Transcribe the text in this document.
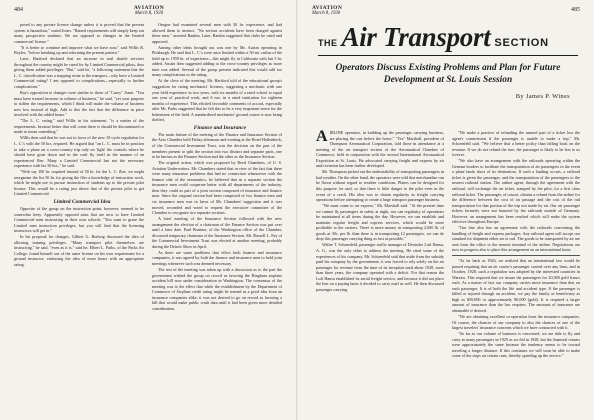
484	AVIATION
March 8, 1930

posed to any private license change unless it is proved that the present system is hazardous," stated Jones. "Raised requirements will simply keep out many prospective students. We are opposed to changes in the limited commercial license."

"It is better to continue and improve what we have now," said Willis R. Boyles, "before breaking up and reforming the present pattern."

Later, Hartford declared that an increase in trail shuttle services throughout the country might be cared for by Limited Commercial pilots, thus giving them added privileges. "But," said he, "a following statement that the L. C. classification was a stepping stone to the transport—why have a Limited Commercial rating? I am opposed to complications—especially to further complications."

Ray's opposition to changes were similar to those of "Casey" Jones. "You must have treated increase in volume of business," he said, "yet your purpose to stiffen the requirements, which I think will make the volume of business now low instead of high. Add to this the fact that the difference in price involved with the added hours."

"The L. C. rating," said Willis in his statement, "is a matter of the requirements, because better that will come there is should be discontinued or made to mean something."

Willis then said that he was not in favor of the new 10-cycle regulation for L. C.'s with the 50 hrs. required. He argued that "an L. C. must be in position to take a plane on a cross-country trip only on 'fight' the controls where he should have gone down and in the craft fly itself in the manner of an experienced flier. Many a Limited Commercial has not the necessary experience with his 50 hrs.," he said.

"With say 100 hr. required instead of 50 hr. for the L. C. flier, we might reorganize the list 50 hr. for giving the flier a knowledge of instruction work, which he might use to pursue instruction of students up to the private pilot license. This would be a rating just above that of the private pilot to get Limited Commercial.

Limited Commercial Idea

Opposite of the group on the instruction point, however, seemed to be somewhat leery. Apparently opposed aims that are now to have Limited Commercial men instructing in their own schools. "You want to graze the Limited men instruction privileges, but you will find that the licensing instructors will get in."

In his proposal for changes, Gilbert G. Budwig discussed the idea of allowing training privileges. "Many transport pilot themselves are instructing," he said, "even as it is," said he. Elbert L. Parks, of the Parks Air College, found himself out of the same license on his own requirement for a ground instructor, endorsing the idea of more hours with an appropriate rating.

Oregon had examined several men with 50 hr. experience, and had allowed them to instruct. "No serious accidents have been charged against these men," asserted Rankin. Later, Rankin suggested that clubs be rated and approved.

Among other ideas brought out was one by Mr. Austin operating in Pittsburgh. He said that L. C.'s were once limited within a 50 mi. radius of the field up to 1959 hr. of experience—this might fly in California with but 5 hr. added. Austin then suggested adding to the cross-country privileges as more time was added. Several of the group present indicated this would add too many complications to the rating.

At the close of the meeting, Mr. Hartford told of the educational group's suggestion for rating mechanics' licenses, suggesting a mechanic with one year field experience in two years, with six months of a rated school to equal one year of practical work, and 6 mo. in a rated institution for eighteen months of experience. This elicited favorable comments of accord, especially after Mr. Parks suggested that he felt this to be a very important move for the betterment of the field. A standardized mechanics' ground course is now being drafted.

Finance and Insurance

The main feature of the meeting of the Finance and Insurance Section of the Aero Chamber held Friday afternoon and evening at the Hotel Hollenbeck, of the Commercial Investment Trust, was the decision on the part of the members present to split the section into two distinct and separate parts, one to be known as the Finance Section and the other as the Insurance Section.

The original action, which was proposed by Reed Chambers, of U. S. Aviation Underwriters. Mr. Chambers stated that in view of the fact that there were many insurance problems that had no connection whatsoever with the finance side of the aeronautics, he believed that as a separate section the insurance men could cooperate better with all departments of the industry, then they could as part of a joint section composed of insurance and finance men. Since the original section had been composed of two finance men and six insurance men was in favor of Mr. Chambers' suggestion and it was moved, seconded and voted to request the executive committee of the Chamber to recognize two separate sections.

A brief meeting of the Insurance Section followed with the new arrangement the election of a chairman of the Finance Section was put over until a later date. Paul Brattner, of the Washington office of the Chamber, discussed temporary chairman of the Insurance Section. Mr. Russell L. Fay of the Commercial Investment Trust was elected at another meeting, probably during the Detroit Show in April.

As there are some problems that effect both finance and insurance companies, it was agreed by both the finance and insurance men to hold joint meetings whenever such was deemed necessary.

The rest of the meeting was taken up with a discussion as to the part the government wished the group on record as favoring the Bingham airplane accident bill now under consideration in Washington. The consensus of the meeting was to the effect that while the establishment by the Department of Commerce of Airplane credit rating might be termed as a good idea from an insurance companies alike, it was not desired to go on record as favoring a bill that would make public crash data until it had been given more detailed consideration.

AVIATION
March 8, 1930
485
THE Air Transport SECTION
Operators Discuss Existing Problems and Plan for Future Development at St. Louis Session
By James P. Wines

AIRLINE operators, in building up the passenger carrying business, are placing the cart before the horse," "Tex" Marshall, president of Thompson Aeronautical Corporation, told those in attendance at a meeting of the air transport section of the Aeronautical Chamber of Commerce, held in conjunction with the second International Aeronautical Exposition at St. Louis. He advocated carrying freight and express by air until aviation has been further developed.

Mr. Thompson picked out the undesirability of transporting passengers in bad weather. On the other hand, the operators were told that merchandise can be flown without regard to weather conditions. Planes can be designed for this purpose, he said, so that there is little danger to the pilot even in the event of a crash. His idea was to obtain regularity in freight carrying operations before attempting to create a large transport passenger business.

"We must come to air express," Mr. Marshall said. "At the present time we cannot fly passengers in safety at night, nor can regularity of operations be maintained at all times during the day. However, we can establish and maintain regular freight and express services, which would be more profitable to the carriers. There is more money in transporting 2,000 lb. of goods at 30c. per lb. than there is in transporting 12 passengers, we can do drop this passenger carrying thing as fast as possible."

Walter T. Schoenfeld, passenger traffic manager of Deutsche Luft Hansa, A. G., was the only other to address the meeting. He cited some of the experiences of his company. Mr. Schoenfeld said that aside from the subsidy paid his company by the government, it was forced to rely solely on the air passenger for revenue from the time of its inception until about 1928, more than three years, the company operated with a deficit. For that reason the Luft Hansa established its aerial freight service, and because it did not place the line on a paying basis it decided to carry mail as well. He then discussed passenger carrying.

"We make a practice of refunding the unused part of a ticket less the agent's commission if the passenger is unable to make a trip," Mr. Schoenfeld said. "We believe that a better policy than falling back on the revenue. If we do not refund the fare, the passenger is likely to be lost to us forever.

"We also have an arrangement with the railroads operating within the German borders to facilitate the transportation of air passengers in the event a plane lands short of its destination. If such a landing occurs, a railroad ticket is given the passenger, and the transportation of the passengers to the nearest railroad station. The airline agent, through the agreement with the railroad, will exchange the air ticket, stamped by the pilot, for a first class railroad ticket. The passenger, of course, obtains a refund from the airline for the difference between the cost of air passage and the cost of the rail transportation for that portion of the trip not made by air. Our air passenger tickets formerly were not honored by the railroads outside of Germany. However, an arrangement has been reached which will make the system effective throughout Europe.

"Our line also has an agreement with the railroads concerning the handling of freight and express packages. Any railroad agent will accept our standard for shipment either air or rail. The goods to be transported by air are sent from the office to the nearest terminal of the airline. Negotiations are now in progress also to place this arrangement on an international basis.

"As far back as 1926, we realized that an international law would be passed requiring that an air carrier's passenger carried over any lines, and in October, 1928, such a regulation was adopted by the interested countries in Warsaw. This required that we insure the passengers for 20,000 gold francs each. As a matter of fact our company carries more insurance than that on each passenger. It is of both the life and accident type. If the passenger is killed or injured through an accident, we pay the family or beneficiary as high as $50,000 or approximately 80,000 (gold). It is required a larger amount of insurance than the law requires. The amounts of insurance are obtainable if desired.

"We are obtaining excellent co-operation from the insurance companies. Of course, the chances of our company to also the chances of one of the largest travelers' insurance concerns which we have contracted with it.

"So far as our volume of business is concerned, we are able to fly and carry as many passengers in 1929 as we did in 1928, but the financial returns were approximately the same because the tendency seems to be toward traveling a longer distance. If this continues we will soon be able to make some of the stops on certain runs, thereby speeding up the service."
